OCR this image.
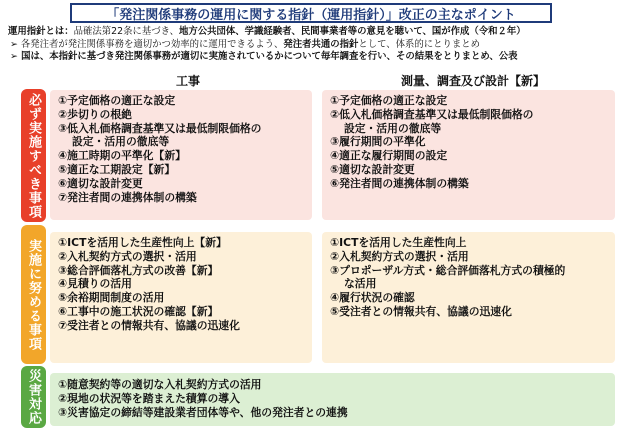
「発注関係事務の運用に関する指針（運用指針）」改正の主なポイント
運用指針とは：品確法第22条に基づき、地方公共団体、学識経験者、民間事業者等の意見を聴いて、国が作成（令和２年）
➢ 各発注者が発注関係事務を適切かつ効率的に運用できるよう、発注者共通の指針として、体系的にとりまとめ
➢ 国は、本指針に基づき発注関係事務が適切に実施されているかについて毎年調査を行い、その結果をとりまとめ、公表
工事	測量、調査及び設計【新】
必ず実施すべき事項
実施に努める事項
災害対応
①予定価格の適正な設定
②歩切りの根絶
③低入札価格調査基準又は最低制限価格の
設定・活用の徹底等
④施工時期の平準化【新】
⑤適正な工期設定【新】
⑥適切な設計変更
⑦発注者間の連携体制の構築
①予定価格の適正な設定
②低入札価格調査基準又は最低制限価格の
設定・活用の徹底等
③履行期間の平準化
④適正な履行期間の設定
⑤適切な設計変更
⑥発注者間の連携体制の構築
①ICTを活用した生産性向上【新】
②入札契約方式の選択・活用
③総合評価落札方式の改善【新】
④見積りの活用
⑤余裕期間制度の活用
⑥工事中の施工状況の確認【新】
⑦受注者との情報共有、協議の迅速化
①ICTを活用した生産性向上
②入札契約方式の選択・活用
③プロポーザル方式・総合評価落札方式の積極的
な活用
④履行状況の確認
⑤受注者との情報共有、協議の迅速化
①随意契約等の適切な入札契約方式の活用
②現地の状況等を踏まえた積算の導入
③災害協定の締結等建設業者団体等や、他の発注者との連携
